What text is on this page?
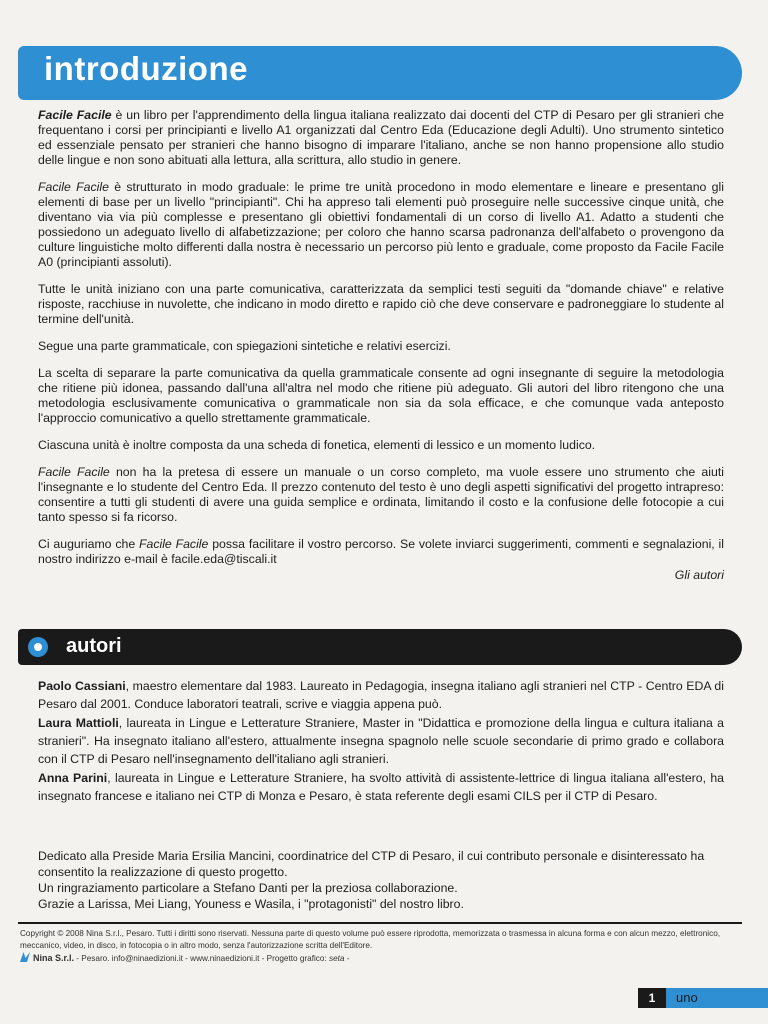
introduzione

Facile Facile è un libro per l'apprendimento della lingua italiana realizzato dai docenti del CTP di Pesaro per gli stranieri che frequentano i corsi per principianti e livello A1 organizzati dal Centro Eda (Educazione degli Adulti). Uno strumento sintetico ed essenziale pensato per stranieri che hanno bisogno di imparare l'italiano, anche se non hanno propensione allo studio delle lingue e non sono abituati alla lettura, alla scrittura, allo studio in genere.

Facile Facile è strutturato in modo graduale: le prime tre unità procedono in modo elementare e lineare e presentano gli elementi di base per un livello "principianti". Chi ha appreso tali elementi può proseguire nelle successive cinque unità, che diventano via via più complesse e presentano gli obiettivi fondamentali di un corso di livello A1. Adatto a studenti che possiedono un adeguato livello di alfabetizzazione; per coloro che hanno scarsa padronanza dell'alfabeto o provengono da culture linguistiche molto differenti dalla nostra è necessario un percorso più lento e graduale, come proposto da Facile Facile A0 (principianti assoluti).

Tutte le unità iniziano con una parte comunicativa, caratterizzata da semplici testi seguiti da "domande chiave" e relative risposte, racchiuse in nuvolette, che indicano in modo diretto e rapido ciò che deve conservare e padroneggiare lo studente al termine dell'unità.

Segue una parte grammaticale, con spiegazioni sintetiche e relativi esercizi.

La scelta di separare la parte comunicativa da quella grammaticale consente ad ogni insegnante di seguire la metodologia che ritiene più idonea, passando dall'una all'altra nel modo che ritiene più adeguato. Gli autori del libro ritengono che una metodologia esclusivamente comunicativa o grammaticale non sia da sola efficace, e che comunque vada anteposto l'approccio comunicativo a quello strettamente grammaticale.

Ciascuna unità è inoltre composta da una scheda di fonetica, elementi di lessico e un momento ludico.

Facile Facile non ha la pretesa di essere un manuale o un corso completo, ma vuole essere uno strumento che aiuti l'insegnante e lo studente del Centro Eda. Il prezzo contenuto del testo è uno degli aspetti significativi del progetto intrapreso: consentire a tutti gli studenti di avere una guida semplice e ordinata, limitando il costo e la confusione delle fotocopie a cui tanto spesso si fa ricorso.

Ci auguriamo che Facile Facile possa facilitare il vostro percorso. Se volete inviarci suggerimenti, commenti e segnalazioni, il nostro indirizzo e-mail è facile.eda@tiscali.it

Gli autori

autori

Paolo Cassiani, maestro elementare dal 1983. Laureato in Pedagogia, insegna italiano agli stranieri nel CTP - Centro EDA di Pesaro dal 2001. Conduce laboratori teatrali, scrive e viaggia appena può.

Laura Mattioli, laureata in Lingue e Letterature Straniere, Master in "Didattica e promozione della lingua e cultura italiana a stranieri". Ha insegnato italiano all'estero, attualmente insegna spagnolo nelle scuole secondarie di primo grado e collabora con il CTP di Pesaro nell'insegnamento dell'italiano agli stranieri.

Anna Parini, laureata in Lingue e Letterature Straniere, ha svolto attività di assistente-lettrice di lingua italiana all'estero, ha insegnato francese e italiano nei CTP di Monza e Pesaro, è stata referente degli esami CILS per il CTP di Pesaro.

Dedicato alla Preside Maria Ersilia Mancini, coordinatrice del CTP di Pesaro, il cui contributo personale e disinteressato ha consentito la realizzazione di questo progetto.

Un ringraziamento particolare a Stefano Danti per la preziosa collaborazione.

Grazie a Larissa, Mei Liang, Youness e Wasila, i "protagonisti" del nostro libro.

Copyright © 2008 Nina S.r.l., Pesaro. Tutti i diritti sono riservati. Nessuna parte di questo volume può essere riprodotta, memorizzata o trasmessa in alcuna forma e con alcun mezzo, elettronico, meccanico, video, in disco, in fotocopia o in altro modo, senza l'autorizzazione scritta dell'Editore.

Nina S.r.l. - Pesaro. info@ninaedizioni.it - www.ninaedizioni.it - Progetto grafico: seta -

1	uno
